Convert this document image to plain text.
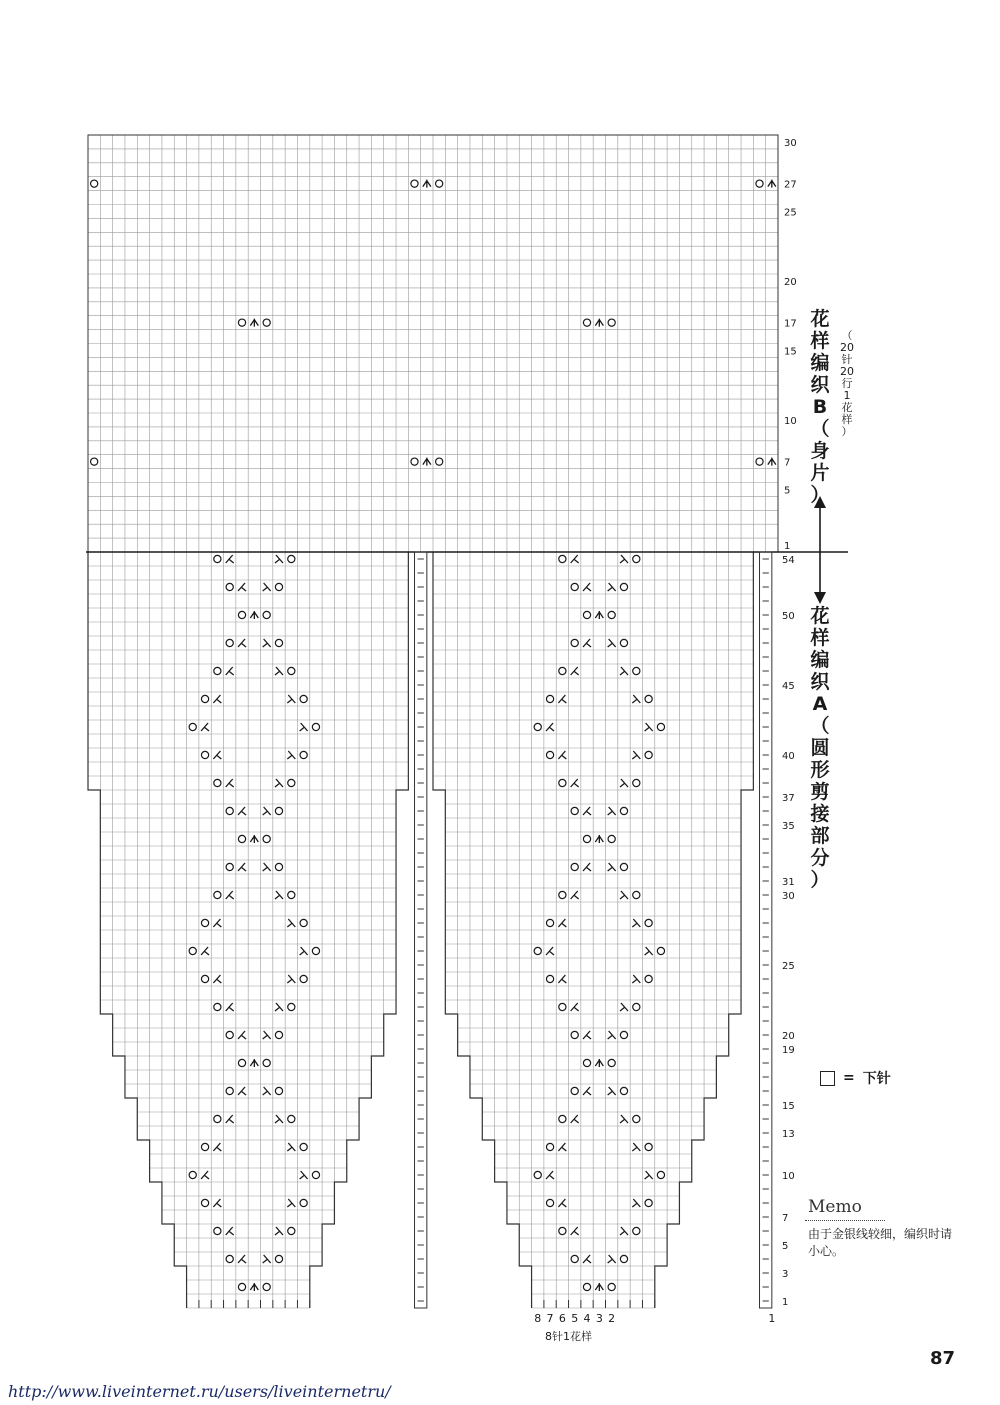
30
27
25
20
17
15
10
7
5
1
54
50
45
40
37
35
31
30
25
20
19
15
13
10
7
5
3
1
8 7 6 5 4 3 2	1
花
样
编
织
B
（
身
片
）
（
20
针
20
行
1
花
样
）
花
样
编
织
A
（
圆
形
剪
接
部
分
）
= 下针
Memo
由于金银线较细，编织时请小心。
8针1花样
87
http://www.liveinternet.ru/users/liveinternetru/
